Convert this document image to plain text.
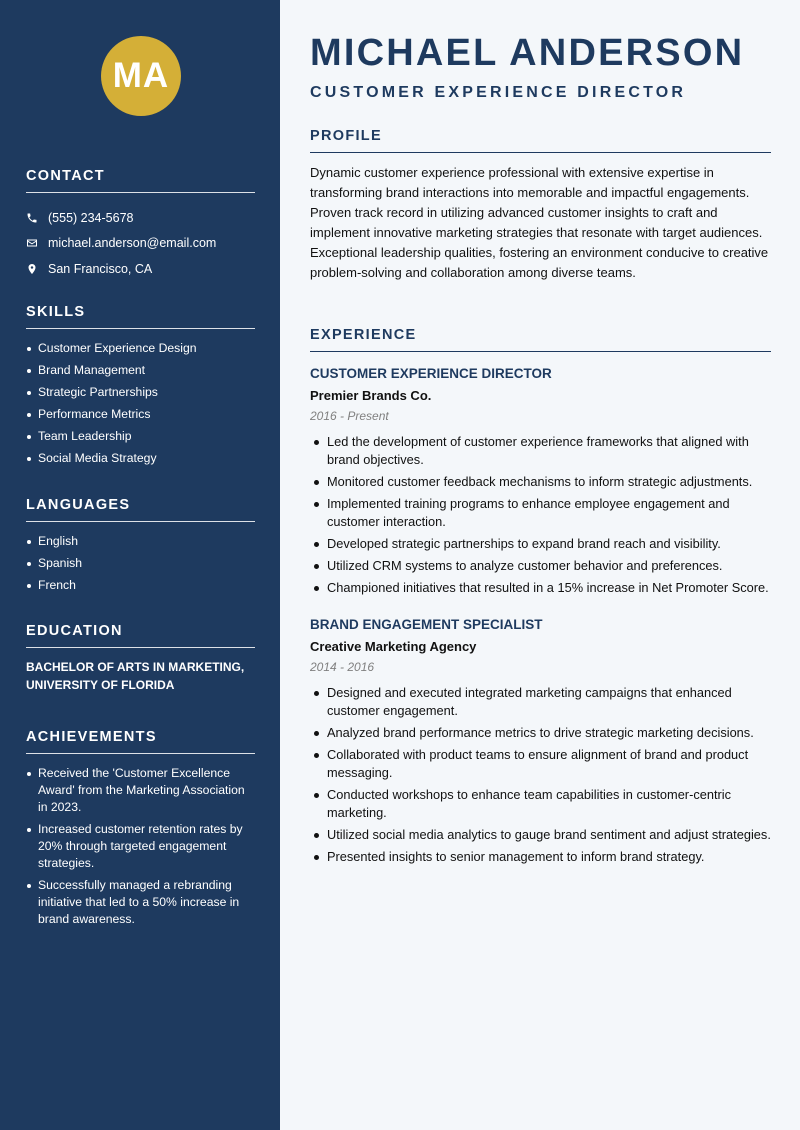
MA
CONTACT
(555) 234-5678
michael.anderson@email.com
San Francisco, CA
SKILLS
Customer Experience Design
Brand Management
Strategic Partnerships
Performance Metrics
Team Leadership
Social Media Strategy
LANGUAGES
English
Spanish
French
EDUCATION

BACHELOR OF ARTS IN MARKETING, UNIVERSITY OF FLORIDA

ACHIEVEMENTS
Received the 'Customer Excellence Award' from the Marketing Association in 2023.
Increased customer retention rates by 20% through targeted engagement strategies.
Successfully managed a rebranding initiative that led to a 50% increase in brand awareness.
MICHAEL ANDERSON
CUSTOMER EXPERIENCE DIRECTOR
PROFILE

Dynamic customer experience professional with extensive expertise in transforming brand interactions into memorable and impactful engagements. Proven track record in utilizing advanced customer insights to craft and implement innovative marketing strategies that resonate with target audiences. Exceptional leadership qualities, fostering an environment conducive to creative problem-solving and collaboration among diverse teams.

EXPERIENCE
CUSTOMER EXPERIENCE DIRECTOR
Premier Brands Co.
2016 - Present
Led the development of customer experience frameworks that aligned with brand objectives.
Monitored customer feedback mechanisms to inform strategic adjustments.
Implemented training programs to enhance employee engagement and customer interaction.
Developed strategic partnerships to expand brand reach and visibility.
Utilized CRM systems to analyze customer behavior and preferences.
Championed initiatives that resulted in a 15% increase in Net Promoter Score.
BRAND ENGAGEMENT SPECIALIST
Creative Marketing Agency
2014 - 2016
Designed and executed integrated marketing campaigns that enhanced customer engagement.
Analyzed brand performance metrics to drive strategic marketing decisions.
Collaborated with product teams to ensure alignment of brand and product messaging.
Conducted workshops to enhance team capabilities in customer-centric marketing.
Utilized social media analytics to gauge brand sentiment and adjust strategies.
Presented insights to senior management to inform brand strategy.
